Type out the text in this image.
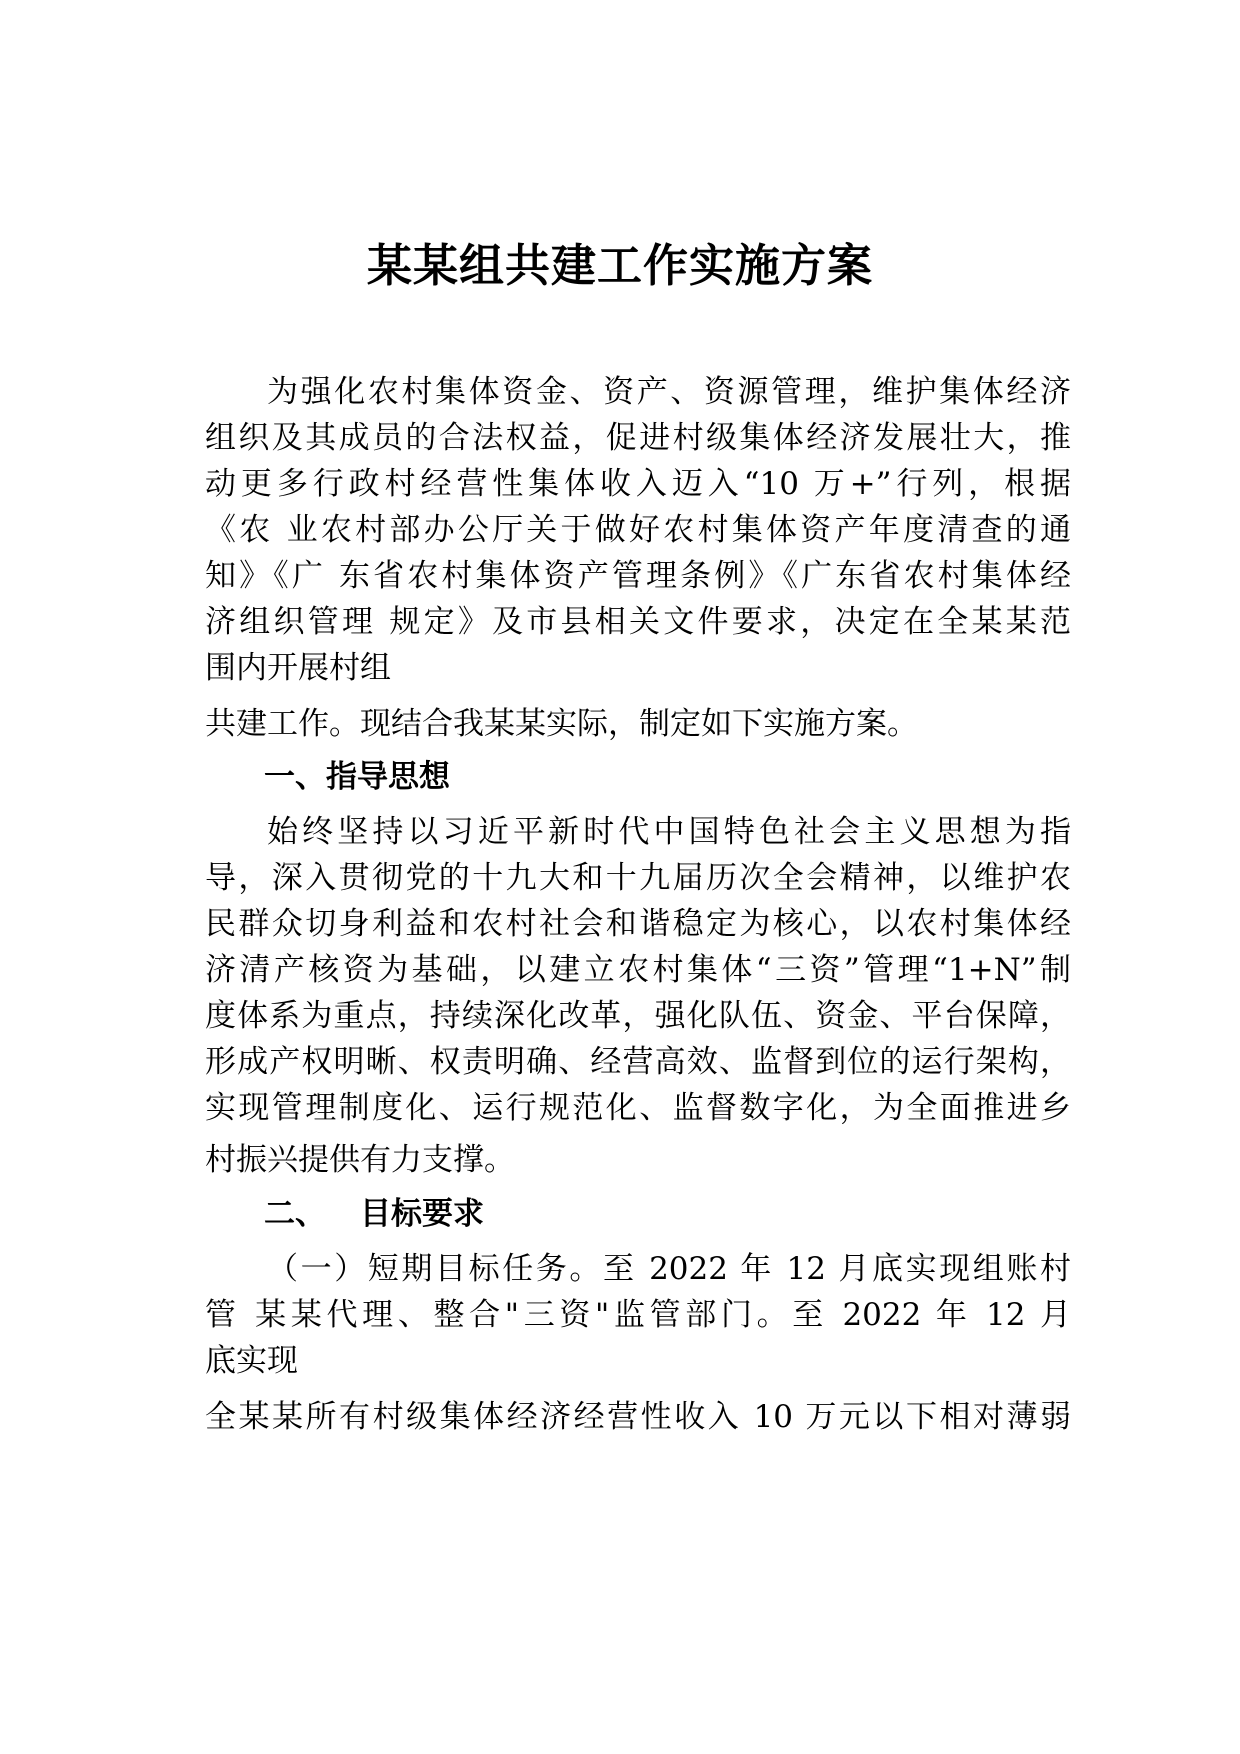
某某组共建工作实施方案
为强化农村集体资金、资产、资源管理，维护集体经济
组织及其成员的合法权益，促进村级集体经济发展壮大，推
动更多行政村经营性集体收入迈入“10 万+”行列，根据
《农 业农村部办公厅关于做好农村集体资产年度清查的通
知》《广 东省农村集体资产管理条例》《广东省农村集体经
济组织管理 规定》及市县相关文件要求，决定在全某某范
围内开展村组
共建工作。现结合我某某实际，制定如下实施方案。
一、指导思想
始终坚持以习近平新时代中国特色社会主义思想为指
导，深入贯彻党的十九大和十九届历次全会精神，以维护农
民群众切身利益和农村社会和谐稳定为核心，以农村集体经
济清产核资为基础，以建立农村集体“三资”管理“1+N”制
度体系为重点，持续深化改革，强化队伍、资金、平台保障，
形成产权明晰、权责明确、经营高效、监督到位的运行架构，
实现管理制度化、运行规范化、监督数字化，为全面推进乡
村振兴提供有力支撑。
二、 目标要求
（一）短期目标任务。至 2022 年 12 月底实现组账村
管 某某代理、整合"三资"监管部门。至 2022 年 12 月
底实现
全某某所有村级集体经济经营性收入 10 万元以下相对薄弱
